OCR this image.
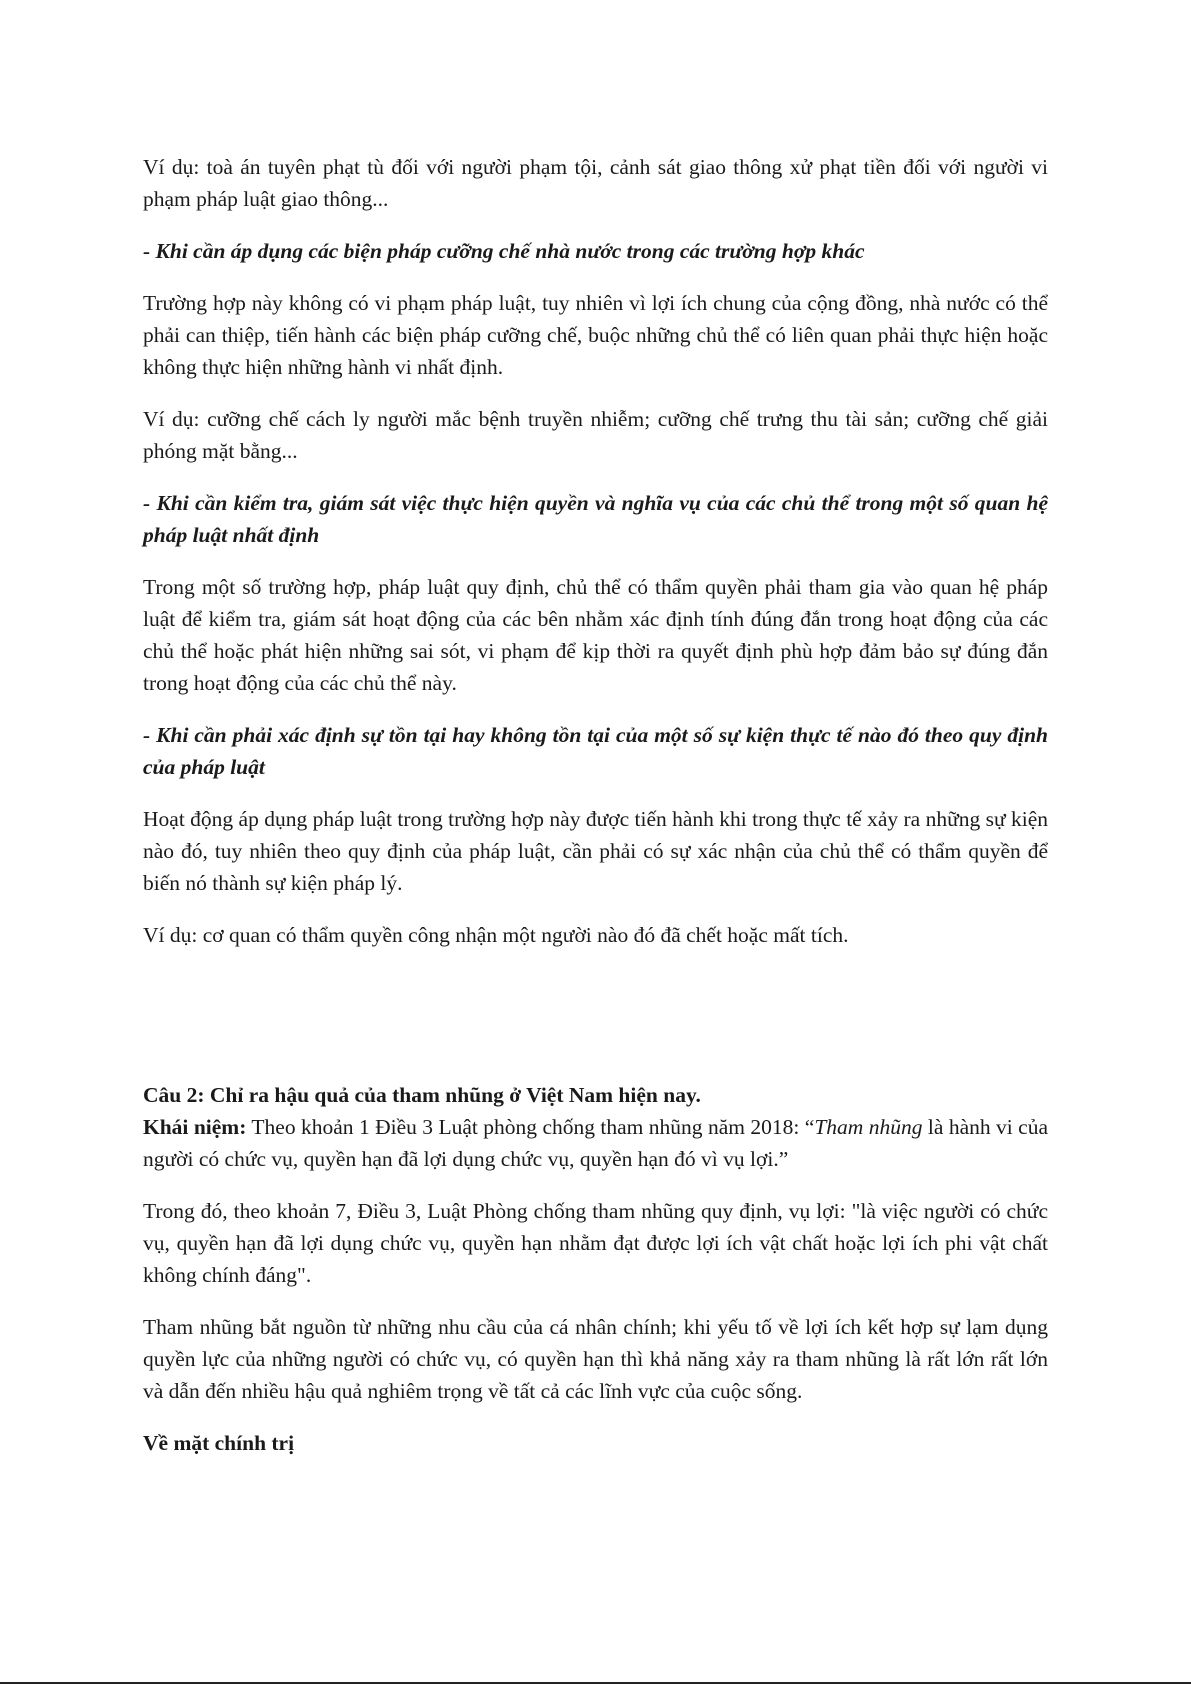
Ví dụ: toà án tuyên phạt tù đối với người phạm tội, cảnh sát giao thông xử phạt tiền đối với người vi phạm pháp luật giao thông...

- Khi cần áp dụng các biện pháp cưỡng chế nhà nước trong các trường hợp khác

Trường hợp này không có vi phạm pháp luật, tuy nhiên vì lợi ích chung của cộng đồng, nhà nước có thể phải can thiệp, tiến hành các biện pháp cưỡng chế, buộc những chủ thể có liên quan phải thực hiện hoặc không thực hiện những hành vi nhất định.

Ví dụ: cưỡng chế cách ly người mắc bệnh truyền nhiễm; cưỡng chế trưng thu tài sản; cưỡng chế giải phóng mặt bằng...

- Khi cần kiểm tra, giám sát việc thực hiện quyền và nghĩa vụ của các chủ thể trong một số quan hệ pháp luật nhất định

Trong một số trường hợp, pháp luật quy định, chủ thể có thẩm quyền phải tham gia vào quan hệ pháp luật để kiểm tra, giám sát hoạt động của các bên nhằm xác định tính đúng đắn trong hoạt động của các chủ thể hoặc phát hiện những sai sót, vi phạm để kịp thời ra quyết định phù hợp đảm bảo sự đúng đắn trong hoạt động của các chủ thể này.

- Khi cần phải xác định sự tồn tại hay không tồn tại của một số sự kiện thực tế nào đó theo quy định của pháp luật

Hoạt động áp dụng pháp luật trong trường hợp này được tiến hành khi trong thực tế xảy ra những sự kiện nào đó, tuy nhiên theo quy định của pháp luật, cần phải có sự xác nhận của chủ thể có thẩm quyền để biến nó thành sự kiện pháp lý.

Ví dụ: cơ quan có thẩm quyền công nhận một người nào đó đã chết hoặc mất tích.

Câu 2: Chỉ ra hậu quả của tham nhũng ở Việt Nam hiện nay.

Khái niệm: Theo khoản 1 Điều 3 Luật phòng chống tham nhũng năm 2018: “Tham nhũng là hành vi của người có chức vụ, quyền hạn đã lợi dụng chức vụ, quyền hạn đó vì vụ lợi.”

Trong đó, theo khoản 7, Điều 3, Luật Phòng chống tham nhũng quy định, vụ lợi: "là việc người có chức vụ, quyền hạn đã lợi dụng chức vụ, quyền hạn nhằm đạt được lợi ích vật chất hoặc lợi ích phi vật chất không chính đáng".

Tham nhũng bắt nguồn từ những nhu cầu của cá nhân chính; khi yếu tố về lợi ích kết hợp sự lạm dụng quyền lực của những người có chức vụ, có quyền hạn thì khả năng xảy ra tham nhũng là rất lớn rất lớn và dẫn đến nhiều hậu quả nghiêm trọng về tất cả các lĩnh vực của cuộc sống.

Về mặt chính trị
